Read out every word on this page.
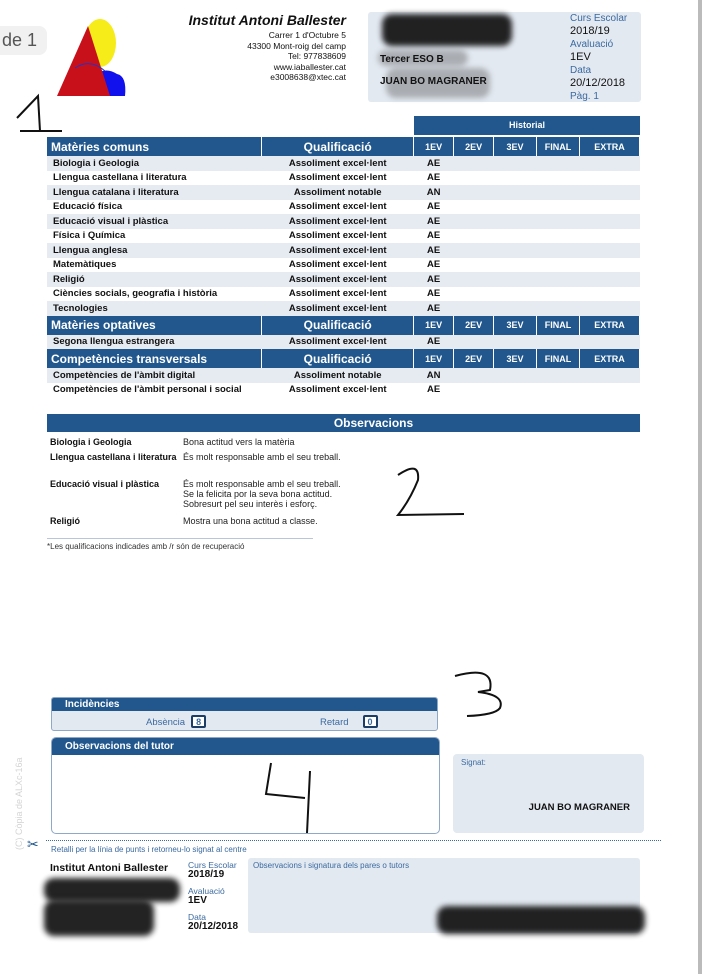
de 1
Institut Antoni Ballester
Carrer 1 d'Octubre 5
43300 Mont-roig del camp
Tel: 977838609
www.iaballester.cat
e3008638@xtec.cat
Tercer ESO B
JUAN BO MAGRANER
Curs Escolar
2018/19
Avaluació
1EV
Data
20/12/2018
Pàg. 1
Historial
Matèries comuns	Qualificació	1EV	2EV	3EV	FINAL	EXTRA
Biologia i Geologia	Assoliment excel·lent	AE				
Llengua castellana i literatura	Assoliment excel·lent	AE				
Llengua catalana i literatura	Assoliment notable	AN				
Educació física	Assoliment excel·lent	AE				
Educació visual i plàstica	Assoliment excel·lent	AE				
Física i Química	Assoliment excel·lent	AE				
Llengua anglesa	Assoliment excel·lent	AE				
Matemàtiques	Assoliment excel·lent	AE				
Religió	Assoliment excel·lent	AE				
Ciències socials, geografia i història	Assoliment excel·lent	AE				
Tecnologies	Assoliment excel·lent	AE				
Matèries optatives	Qualificació	1EV	2EV	3EV	FINAL	EXTRA
Segona llengua estrangera	Assoliment excel·lent	AE				
Competències transversals	Qualificació	1EV	2EV	3EV	FINAL	EXTRA
Competències de l'àmbit digital	Assoliment notable	AN				
Competències de l'àmbit personal i social	Assoliment excel·lent	AE				
Observacions
Biologia i Geologia	Bona actitud vers la matèria
Llengua castellana i literatura És molt responsable amb el seu treball.
Educació visual i plàstica	És molt responsable amb el seu treball.
Se la felicita por la seva bona actitud.
Sobresurt pel seu interès i esforç.
Religió	Mostra una bona actitud a classe.
*Les qualificacions indicades amb /r són de recuperació
Incidències
Absència 8	Retard 0
Observacions del tutor
Signat:
JUAN BO MAGRANER
(C) Còpia de ALXc-16a ✂ Retalli per la línia de punts i retorneu-lo signat al centre
Institut Antoni Ballester Curs Escolar
2018/19
Avaluació
1EV
Data
20/12/2018
Observacions i signatura dels pares o tutors
